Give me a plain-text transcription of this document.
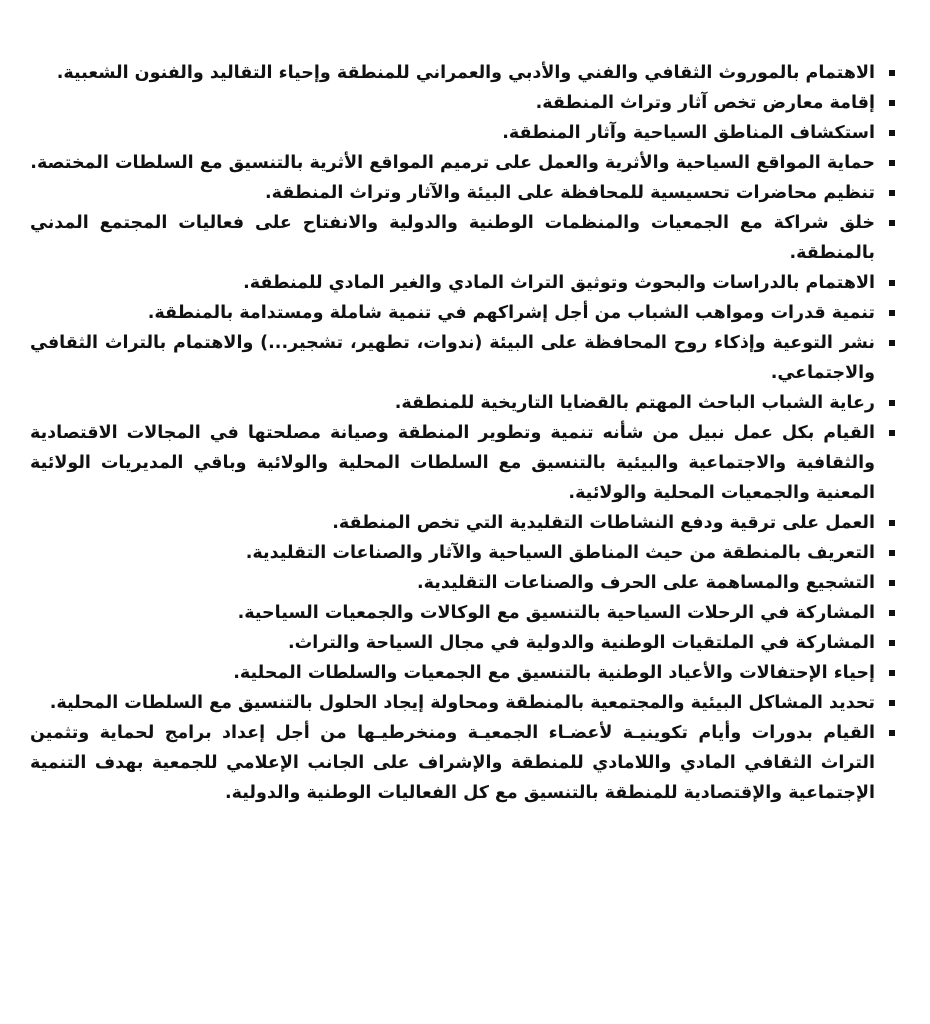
الاهتمام بالموروث الثقافي والفني والأدبي والعمراني للمنطقة وإحياء التقاليد والفنون الشعبية.
إقامة معارض تخص آثار وتراث المنطقة.
استكشاف المناطق السياحية وآثار المنطقة.
حماية المواقع السياحية والأثرية والعمل على ترميم المواقع الأثرية بالتنسيق مع السلطات المختصة.
تنظيم محاضرات تحسيسية للمحافظة على البيئة والآثار وتراث المنطقة.
خلق شراكة مع الجمعيات والمنظمات الوطنية والدولية والانفتاح على فعاليات المجتمع المدني بالمنطقة.
الاهتمام بالدراسات والبحوث وتوثيق التراث المادي والغير المادي للمنطقة.
تنمية قدرات ومواهب الشباب من أجل إشراكهم في تنمية شاملة ومستدامة بالمنطقة.
نشر التوعية وإذكاء روح المحافظة على البيئة (ندوات، تطهير، تشجير...) والاهتمام بالتراث الثقافي والاجتماعي.
رعاية الشباب الباحث المهتم بالقضايا التاريخية للمنطقة.
القيام بكل عمل نبيل من شأنه تنمية وتطوير المنطقة وصيانة مصلحتها في المجالات الاقتصادية والثقافية والاجتماعية والبيئية بالتنسيق مع السلطات المحلية والولائية وباقي المديريات الولائية المعنية والجمعيات المحلية والولائية.
العمل على ترقية ودفع النشاطات التقليدية التي تخص المنطقة.
التعريف بالمنطقة من حيث المناطق السياحية والآثار والصناعات التقليدية.
التشجيع والمساهمة على الحرف والصناعات التقليدية.
المشاركة في الرحلات السياحية بالتنسيق مع الوكالات والجمعيات السياحية.
المشاركة في الملتقيات الوطنية والدولية في مجال السياحة والتراث.
إحياء الإحتفالات والأعياد الوطنية بالتنسيق مع الجمعيات والسلطات المحلية.
تحديد المشاكل البيئية والمجتمعية بالمنطقة ومحاولة إيجاد الحلول بالتنسيق مع السلطات المحلية.
القيام بدورات وأيام تكوينيـة لأعضـاء الجمعيـة ومنخرطيـها من أجل إعداد برامج لحماية وتثمين التراث الثقافي المادي واللامادي للمنطقة والإشراف على الجانب الإعلامي للجمعية بهدف التنمية الإجتماعية والإقتصادية للمنطقة بالتنسيق مع كل الفعاليات الوطنية والدولية.
